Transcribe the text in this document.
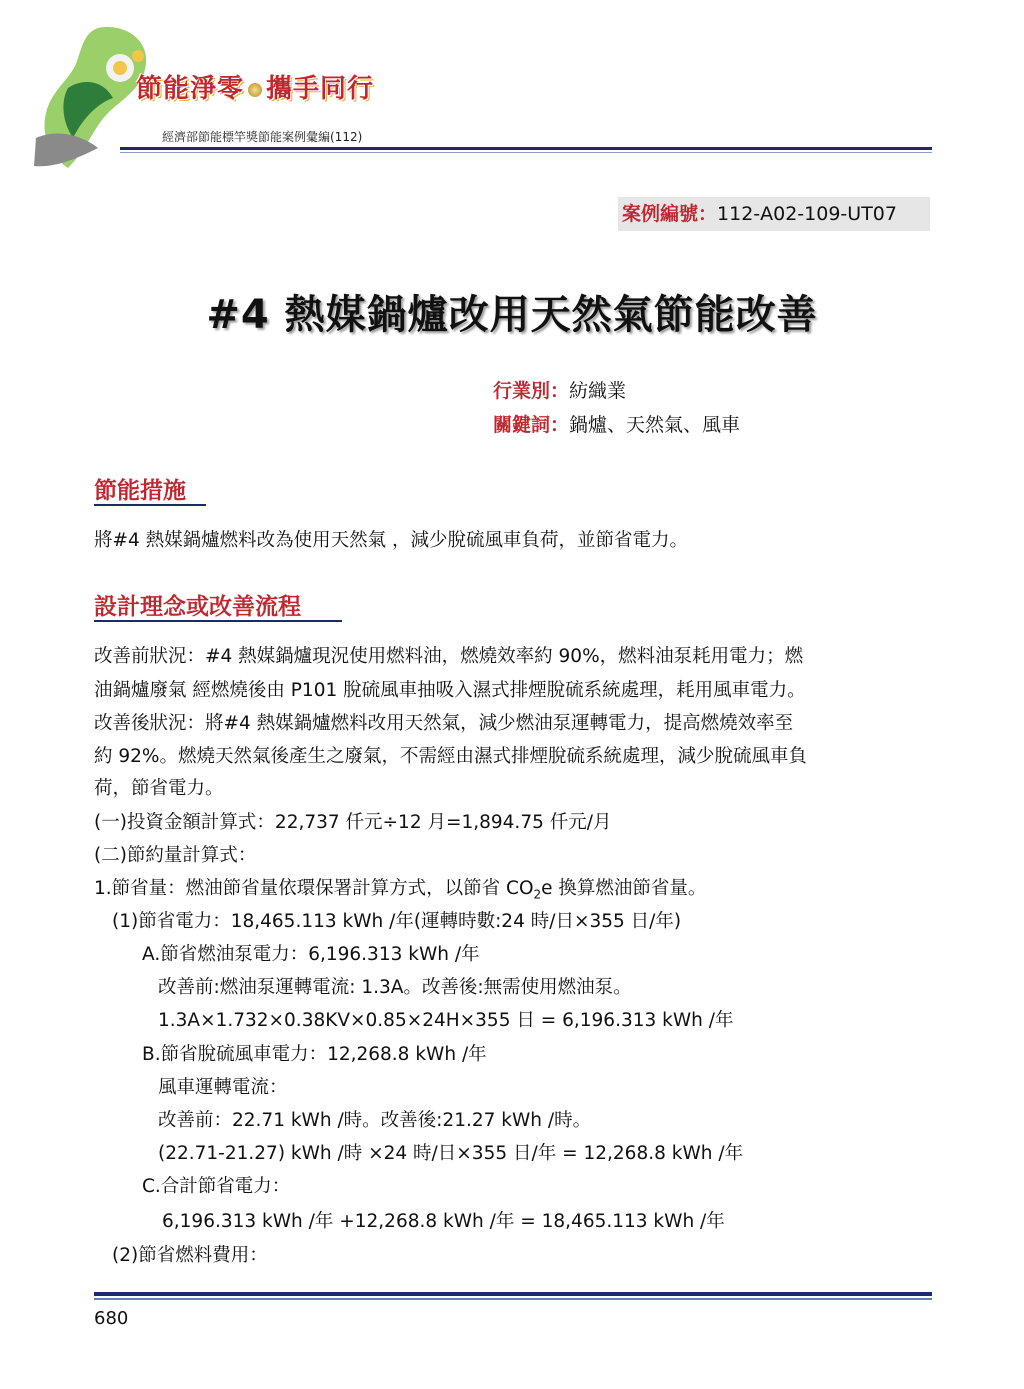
節能淨零 攜手同行
經濟部節能標竿獎節能案例彙編(112)
案例編號：112-A02-109-UT07
#4 熱媒鍋爐改用天然氣節能改善
行業別：紡織業
關鍵詞：鍋爐、天然氣、風車
節能措施
將#4 熱媒鍋爐燃料改為使用天然氣 ，減少脫硫風車負荷，並節省電力。
設計理念或改善流程
改善前狀況：#4 熱媒鍋爐現況使用燃料油，燃燒效率約 90%，燃料油泵耗用電力；燃
油鍋爐廢氣 經燃燒後由 P101 脫硫風車抽吸入濕式排煙脫硫系統處理，耗用風車電力。
改善後狀況：將#4 熱媒鍋爐燃料改用天然氣，減少燃油泵運轉電力，提高燃燒效率至
約 92%。燃燒天然氣後產生之廢氣，不需經由濕式排煙脫硫系統處理，減少脫硫風車負
荷，節省電力。
(一)投資金額計算式：22,737 仟元÷12 月=1,894.75 仟元/月
(二)節約量計算式：
1.節省量：燃油節省量依環保署計算方式，以節省 $CO_2e$ 換算燃油節省量。
(1)節省電力：18,465.113 kWh /年(運轉時數:24 時/日×355 日/年)
A.節省燃油泵電力：6,196.313 kWh /年
改善前:燃油泵運轉電流: 1.3A。改善後:無需使用燃油泵。
1.3A×1.732×0.38KV×0.85×24H×355 日 = 6,196.313 kWh /年
B.節省脫硫風車電力：12,268.8 kWh /年
風車運轉電流：
改善前：22.71 kWh /時。改善後:21.27 kWh /時。
(22.71-21.27) kWh /時 ×24 時/日×355 日/年 = 12,268.8 kWh /年
C.合計節省電力：
6,196.313 kWh /年 +12,268.8 kWh /年 = 18,465.113 kWh /年
(2)節省燃料費用：
680
